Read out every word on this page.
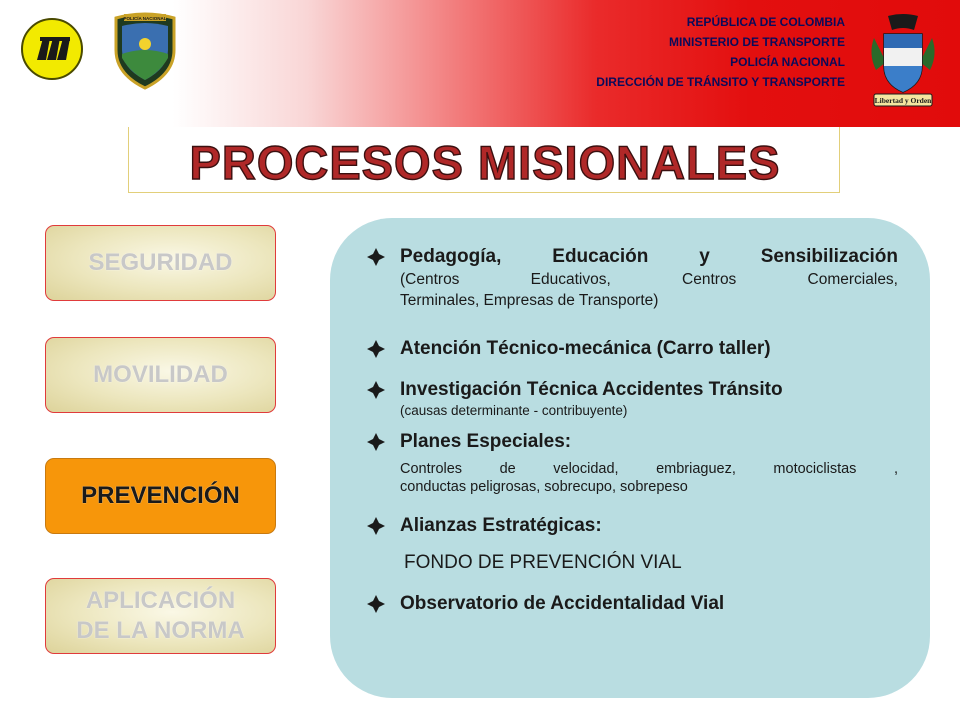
POLICÍA NACIONAL	REPÚBLICA DE COLOMBIA
MINISTERIO DE TRANSPORTE
POLICÍA NACIONAL
DIRECCIÓN DE TRÁNSITO Y TRANSPORTE
Libertad y Orden
PROCESOS MISIONALES
SEGURIDAD
MOVILIDAD
PREVENCIÓN
APLICACIÓN
DE LA NORMA
Pedagogía, Educación y Sensibilización
(Centros Educativos, Centros Comerciales,
Terminales, Empresas de Transporte)
Atención Técnico-mecánica (Carro taller)
Investigación Técnica Accidentes Tránsito
(causas determinante - contribuyente)
Planes Especiales:
Controles de velocidad, embriaguez, motociclistas ,
conductas peligrosas, sobrecupo, sobrepeso
Alianzas Estratégicas:
FONDO DE PREVENCIÓN VIAL
Observatorio de Accidentalidad Vial
